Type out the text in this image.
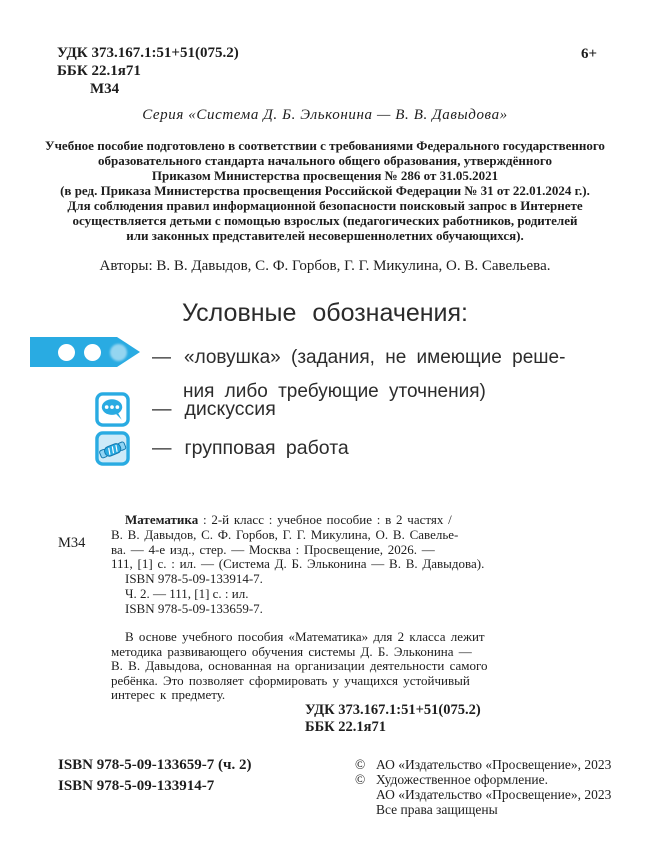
УДК 373.167.1:51+51(075.2)
ББК 22.1я71
М34
6+
Серия «Система Д. Б. Эльконина — В. В. Давыдова»
Учебное пособие подготовлено в соответствии с требованиями Федерального государственного
образовательного стандарта начального общего образования, утверждённого
Приказом Министерства просвещения № 286 от 31.05.2021
(в ред. Приказа Министерства просвещения Российской Федерации № 31 от 22.01.2024 г.).
Для соблюдения правил информационной безопасности поисковый запрос в Интернете
осуществляется детьми с помощью взрослых (педагогических работников, родителей
или законных представителей несовершеннолетних обучающихся).
Авторы: В. В. Давыдов, С. Ф. Горбов, Г. Г. Микулина, О. В. Савельева.
Условные обозначения:
— «ловушка» (задания, не имеющие реше-
ния либо требующие уточнения)
— дискуссия
— групповая работа
М34
Математика : 2-й класс : учебное пособие : в 2 частях /
В. В. Давыдов, С. Ф. Горбов, Г. Г. Микулина, О. В. Савелье-
ва. — 4-е изд., стер. — Москва : Просвещение, 2026. —
111, [1] с. : ил. — (Система Д. Б. Эльконина — В. В. Давыдова).
ISBN 978-5-09-133914-7.
Ч. 2. — 111, [1] с. : ил.
ISBN 978-5-09-133659-7.
В основе учебного пособия «Математика» для 2 класса лежит
методика развивающего обучения системы Д. Б. Эльконина —
В. В. Давыдова, основанная на организации деятельности самого
ребёнка. Это позволяет сформировать у учащихся устойчивый
интерес к предмету.
УДК 373.167.1:51+51(075.2)
ББК 22.1я71
ISBN 978-5-09-133659-7 (ч. 2)
ISBN 978-5-09-133914-7
© АО «Издательство «Просвещение», 2023
© Художественное оформление.
АО «Издательство «Просвещение», 2023
Все права защищены
